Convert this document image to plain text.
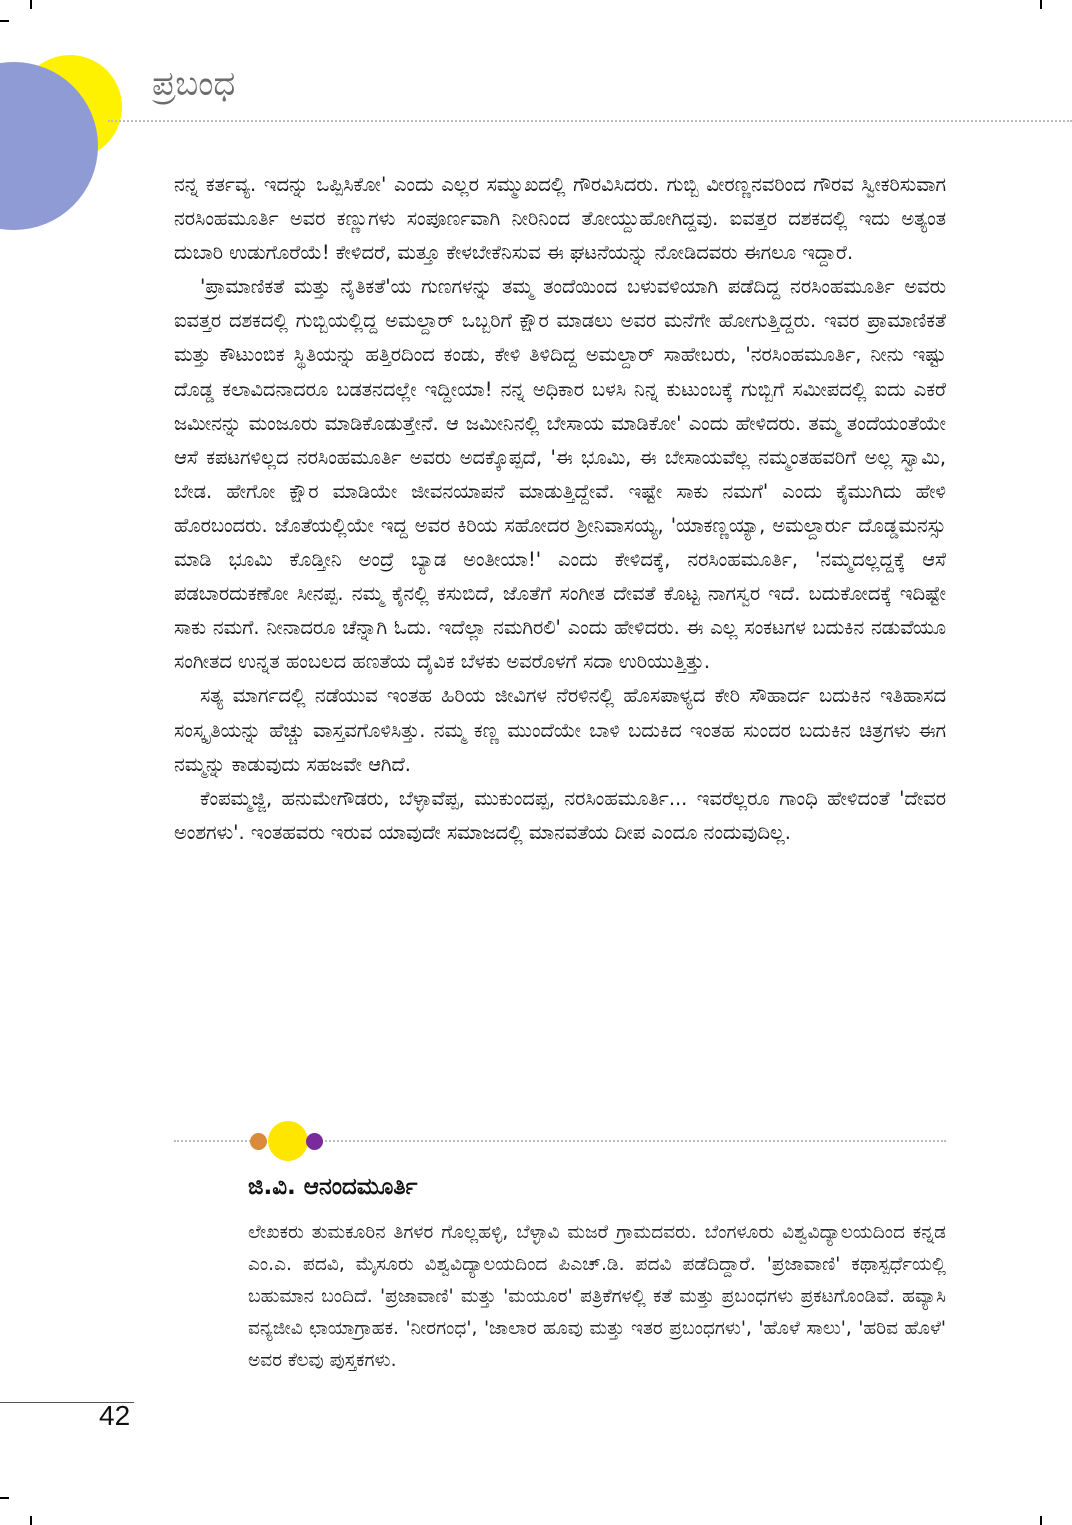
ಪ್ರಬಂಧ

ನನ್ನ ಕರ್ತವ್ಯ. ಇದನ್ನು ಒಪ್ಪಿಸಿಕೋ' ಎಂದು ಎಲ್ಲರ ಸಮ್ಮುಖದಲ್ಲಿ ಗೌರವಿಸಿದರು. ಗುಬ್ಬಿ ವೀರಣ್ಣನವರಿಂದ ಗೌರವ ಸ್ವೀಕರಿಸುವಾಗ ನರಸಿಂಹಮೂರ್ತಿ ಅವರ ಕಣ್ಣುಗಳು ಸಂಪೂರ್ಣವಾಗಿ ನೀರಿನಿಂದ ತೋಯ್ದುಹೋಗಿದ್ದವು. ಐವತ್ತರ ದಶಕದಲ್ಲಿ ಇದು ಅತ್ಯಂತ ದುಬಾರಿ ಉಡುಗೊರೆಯೆ! ಕೇಳಿದರೆ, ಮತ್ತೂ ಕೇಳಬೇಕೆನಿಸುವ ಈ ಘಟನೆಯನ್ನು ನೋಡಿದವರು ಈಗಲೂ ಇದ್ದಾರೆ.

'ಪ್ರಾಮಾಣಿಕತೆ ಮತ್ತು ನೈತಿಕತೆ'ಯ ಗುಣಗಳನ್ನು ತಮ್ಮ ತಂದೆಯಿಂದ ಬಳುವಳಿಯಾಗಿ ಪಡೆದಿದ್ದ ನರಸಿಂಹಮೂರ್ತಿ ಅವರು ಐವತ್ತರ ದಶಕದಲ್ಲಿ ಗುಬ್ಬಿಯಲ್ಲಿದ್ದ ಅಮಲ್ದಾರ್ ಒಬ್ಬರಿಗೆ ಕ್ಷೌರ ಮಾಡಲು ಅವರ ಮನೆಗೇ ಹೋಗುತ್ತಿದ್ದರು. ಇವರ ಪ್ರಾಮಾಣಿಕತೆ ಮತ್ತು ಕೌಟುಂಬಿಕ ಸ್ಥಿತಿಯನ್ನು ಹತ್ತಿರದಿಂದ ಕಂಡು, ಕೇಳಿ ತಿಳಿದಿದ್ದ ಅಮಲ್ದಾರ್ ಸಾಹೇಬರು, 'ನರಸಿಂಹಮೂರ್ತಿ, ನೀನು ಇಷ್ಟು ದೊಡ್ಡ ಕಲಾವಿದನಾದರೂ ಬಡತನದಲ್ಲೇ ಇದ್ದೀಯಾ! ನನ್ನ ಅಧಿಕಾರ ಬಳಸಿ ನಿನ್ನ ಕುಟುಂಬಕ್ಕೆ ಗುಬ್ಬಿಗೆ ಸಮೀಪದಲ್ಲಿ ಐದು ಎಕರೆ ಜಮೀನನ್ನು ಮಂಜೂರು ಮಾಡಿಕೊಡುತ್ತೇನೆ. ಆ ಜಮೀನಿನಲ್ಲಿ ಬೇಸಾಯ ಮಾಡಿಕೋ' ಎಂದು ಹೇಳಿದರು. ತಮ್ಮ ತಂದೆಯಂತೆಯೇ ಆಸೆ ಕಪಟಗಳಿಲ್ಲದ ನರಸಿಂಹಮೂರ್ತಿ ಅವರು ಅದಕ್ಕೊಪ್ಪದೆ, 'ಈ ಭೂಮಿ, ಈ ಬೇಸಾಯವೆಲ್ಲ ನಮ್ಮಂತಹವರಿಗೆ ಅಲ್ಲ ಸ್ವಾಮಿ, ಬೇಡ. ಹೇಗೋ ಕ್ಷೌರ ಮಾಡಿಯೇ ಜೀವನಯಾಪನೆ ಮಾಡುತ್ತಿದ್ದೇವೆ. ಇಷ್ಟೇ ಸಾಕು ನಮಗೆ' ಎಂದು ಕೈಮುಗಿದು ಹೇಳಿ ಹೊರಬಂದರು. ಜೊತೆಯಲ್ಲಿಯೇ ಇದ್ದ ಅವರ ಕಿರಿಯ ಸಹೋದರ ಶ್ರೀನಿವಾಸಯ್ಯ, 'ಯಾಕಣ್ಣಯ್ಯಾ, ಅಮಲ್ದಾರ್ರು ದೊಡ್ಡಮನಸ್ಸು ಮಾಡಿ ಭೂಮಿ ಕೊಡ್ತೀನಿ ಅಂದ್ರೆ ಬ್ಯಾಡ ಅಂತೀಯಾ!' ಎಂದು ಕೇಳಿದಕ್ಕೆ, ನರಸಿಂಹಮೂರ್ತಿ, 'ನಮ್ಮದಲ್ಲದ್ದಕ್ಕೆ ಆಸೆ ಪಡಬಾರದುಕಣೋ ಸೀನಪ್ಪ. ನಮ್ಮ ಕೈನಲ್ಲಿ ಕಸುಬಿದೆ, ಜೊತೆಗೆ ಸಂಗೀತ ದೇವತೆ ಕೊಟ್ಟ ನಾಗಸ್ವರ ಇದೆ. ಬದುಕೋದಕ್ಕೆ ಇದಿಷ್ಟೇ ಸಾಕು ನಮಗೆ. ನೀನಾದರೂ ಚೆನ್ನಾಗಿ ಓದು. ಇದೆಲ್ಲಾ ನಮಗಿರಲಿ' ಎಂದು ಹೇಳಿದರು. ಈ ಎಲ್ಲ ಸಂಕಟಗಳ ಬದುಕಿನ ನಡುವೆಯೂ ಸಂಗೀತದ ಉನ್ನತ ಹಂಬಲದ ಹಣತೆಯ ದೈವಿಕ ಬೆಳಕು ಅವರೊಳಗೆ ಸದಾ ಉರಿಯುತ್ತಿತ್ತು.

ಸತ್ಯ ಮಾರ್ಗದಲ್ಲಿ ನಡೆಯುವ ಇಂತಹ ಹಿರಿಯ ಜೀವಿಗಳ ನೆರಳಿನಲ್ಲಿ ಹೊಸಪಾಳ್ಯದ ಕೇರಿ ಸೌಹಾರ್ದ ಬದುಕಿನ ಇತಿಹಾಸದ ಸಂಸ್ಕೃತಿಯನ್ನು ಹೆಚ್ಚು ವಾಸ್ತವಗೊಳಿಸಿತ್ತು. ನಮ್ಮ ಕಣ್ಣ ಮುಂದೆಯೇ ಬಾಳಿ ಬದುಕಿದ ಇಂತಹ ಸುಂದರ ಬದುಕಿನ ಚಿತ್ರಗಳು ಈಗ ನಮ್ಮನ್ನು ಕಾಡುವುದು ಸಹಜವೇ ಆಗಿದೆ.

ಕೆಂಪಮ್ಮಜ್ಜಿ, ಹನುಮೇಗೌಡರು, ಬೆಳ್ಳಾವೆಪ್ಪ, ಮುಕುಂದಪ್ಪ, ನರಸಿಂಹಮೂರ್ತಿ... ಇವರೆಲ್ಲರೂ ಗಾಂಧಿ ಹೇಳಿದಂತೆ 'ದೇವರ ಅಂಶಗಳು'. ಇಂತಹವರು ಇರುವ ಯಾವುದೇ ಸಮಾಜದಲ್ಲಿ ಮಾನವತೆಯ ದೀಪ ಎಂದೂ ನಂದುವುದಿಲ್ಲ.

ಜಿ.ವಿ. ಆನಂದಮೂರ್ತಿ

ಲೇಖಕರು ತುಮಕೂರಿನ ತಿಗಳರ ಗೊಲ್ಲಹಳ್ಳಿ, ಬೆಳ್ಳಾವಿ ಮಜರೆ ಗ್ರಾಮದವರು. ಬೆಂಗಳೂರು ವಿಶ್ವವಿದ್ಯಾಲಯದಿಂದ ಕನ್ನಡ ಎಂ.ಎ. ಪದವಿ, ಮೈಸೂರು ವಿಶ್ವವಿದ್ಯಾಲಯದಿಂದ ಪಿಎಚ್.ಡಿ. ಪದವಿ ಪಡೆದಿದ್ದಾರೆ. 'ಪ್ರಜಾವಾಣಿ' ಕಥಾಸ್ಪರ್ಧೆಯಲ್ಲಿ ಬಹುಮಾನ ಬಂದಿದೆ. 'ಪ್ರಜಾವಾಣಿ' ಮತ್ತು 'ಮಯೂರ' ಪತ್ರಿಕೆಗಳಲ್ಲಿ ಕತೆ ಮತ್ತು ಪ್ರಬಂಧಗಳು ಪ್ರಕಟಗೊಂಡಿವೆ. ಹವ್ಯಾಸಿ ವನ್ಯಜೀವಿ ಛಾಯಾಗ್ರಾಹಕ. 'ನೀರಗಂಧ', 'ಜಾಲಾರ ಹೂವು ಮತ್ತು ಇತರ ಪ್ರಬಂಧಗಳು', 'ಹೊಳೆ ಸಾಲು', 'ಹರಿವ ಹೊಳೆ' ಅವರ ಕೆಲವು ಪುಸ್ತಕಗಳು.

42
